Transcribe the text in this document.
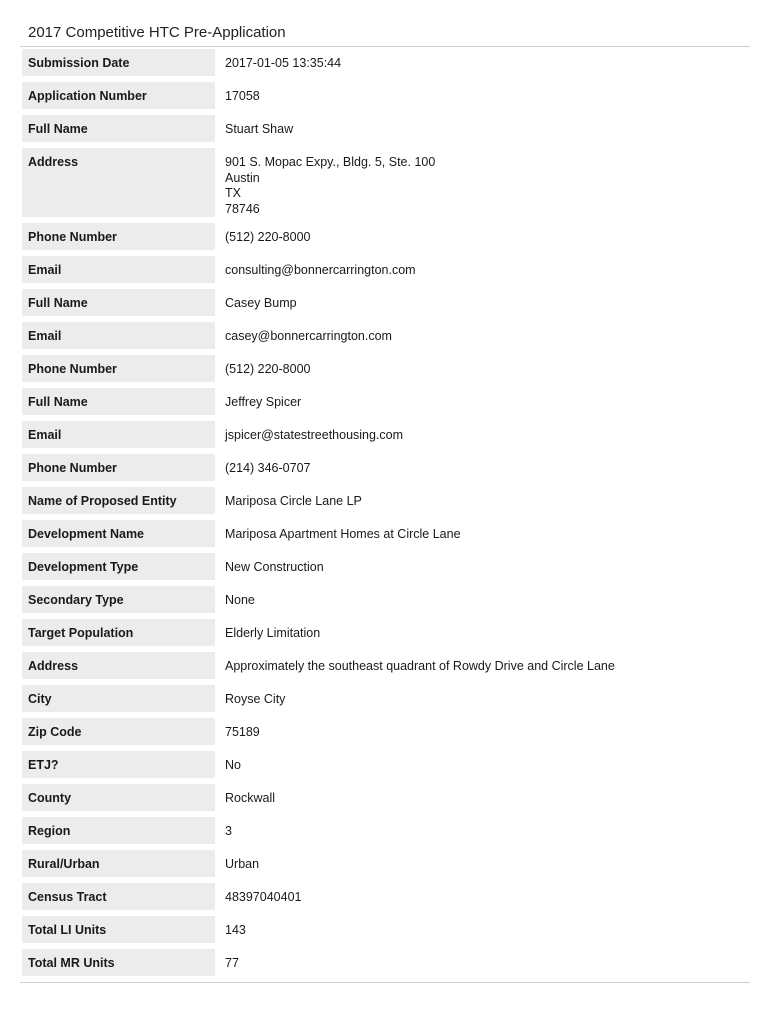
2017 Competitive HTC Pre-Application
Submission Date	2017-01-05 13:35:44
Application Number	17058
Full Name	Stuart Shaw
Address	901 S. Mopac Expy., Bldg. 5, Ste. 100
Austin
TX
78746
Phone Number	(512) 220-8000
Email	consulting@bonnercarrington.com
Full Name	Casey Bump
Email	casey@bonnercarrington.com
Phone Number	(512) 220-8000
Full Name	Jeffrey Spicer
Email	jspicer@statestreethousing.com
Phone Number	(214) 346-0707
Name of Proposed Entity	Mariposa Circle Lane LP
Development Name	Mariposa Apartment Homes at Circle Lane
Development Type	New Construction
Secondary Type	None
Target Population	Elderly Limitation
Address	Approximately the southeast quadrant of Rowdy Drive and Circle Lane
City	Royse City
Zip Code	75189
ETJ?	No
County	Rockwall
Region	3
Rural/Urban	Urban
Census Tract	48397040401
Total LI Units	143
Total MR Units	77
